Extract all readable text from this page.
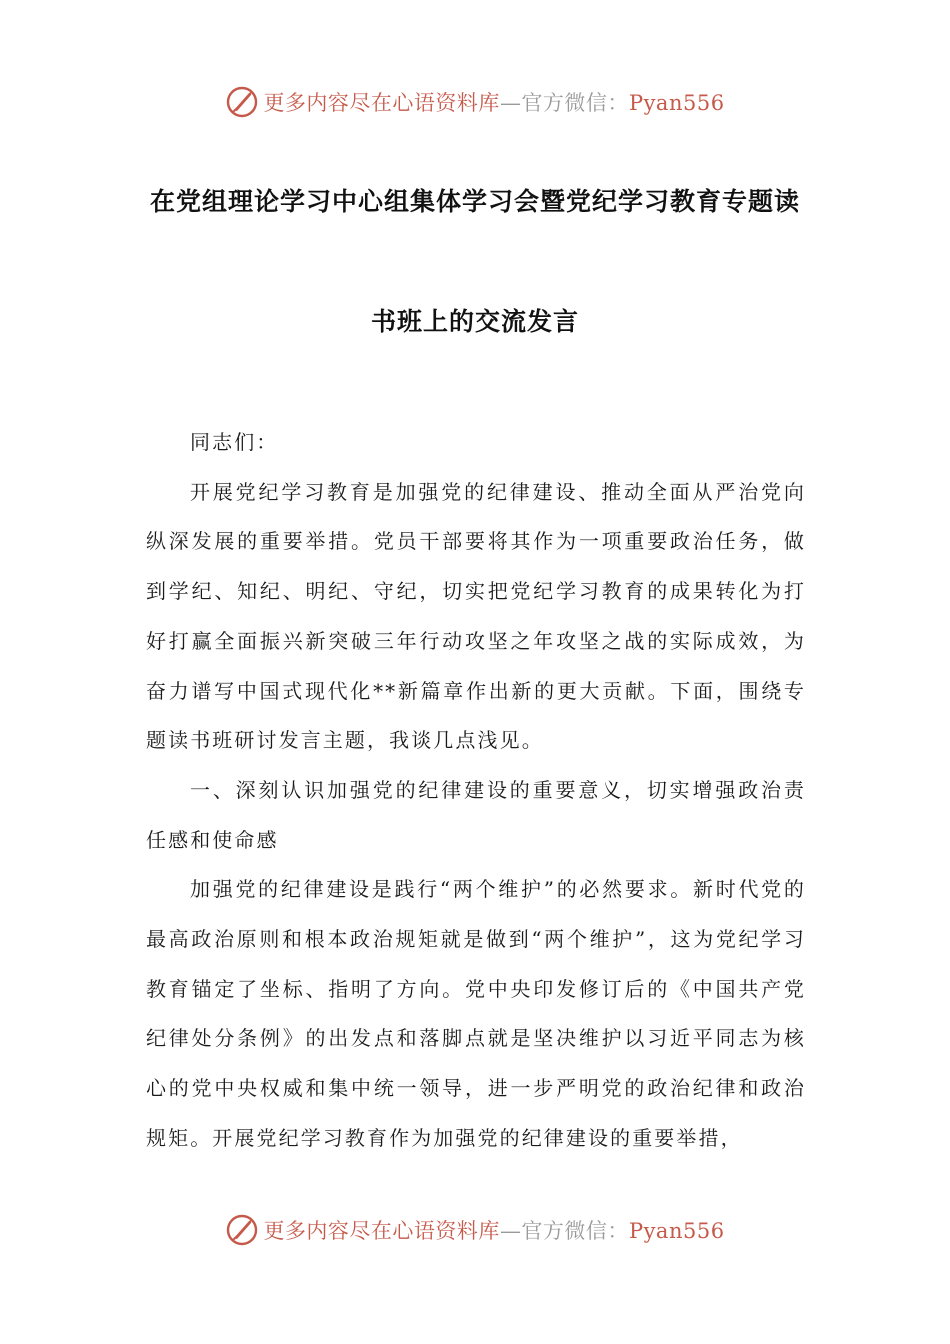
更多内容尽在心语资料库—官方微信：Pyan556
在党组理论学习中心组集体学习会暨党纪学习教育专题读
书班上的交流发言

同志们：

开展党纪学习教育是加强党的纪律建设、推动全面从严治党向纵深发展的重要举措。党员干部要将其作为一项重要政治任务，做到学纪、知纪、明纪、守纪，切实把党纪学习教育的成果转化为打好打赢全面振兴新突破三年行动攻坚之年攻坚之战的实际成效，为奋力谱写中国式现代化**新篇章作出新的更大贡献。下面，围绕专题读书班研讨发言主题，我谈几点浅见。

一、深刻认识加强党的纪律建设的重要意义，切实增强政治责任感和使命感

加强党的纪律建设是践行“两个维护”的必然要求。新时代党的最高政治原则和根本政治规矩就是做到“两个维护”，这为党纪学习教育锚定了坐标、指明了方向。党中央印发修订后的《中国共产党纪律处分条例》的出发点和落脚点就是坚决维护以习近平同志为核心的党中央权威和集中统一领导，进一步严明党的政治纪律和政治规矩。开展党纪学习教育作为加强党的纪律建设的重要举措，

更多内容尽在心语资料库—官方微信：Pyan556
